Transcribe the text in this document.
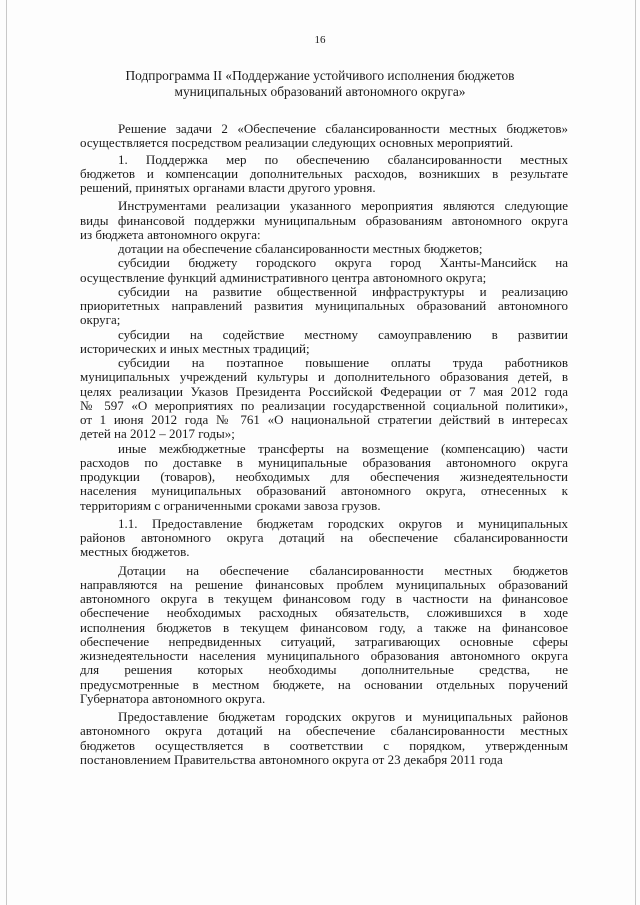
16
Подпрограмма II «Поддержание устойчивого исполнения бюджетов
муниципальных образований автономного округа»
Решение задачи 2 «Обеспечение сбалансированности местных бюджетов»
осуществляется посредством реализации следующих основных мероприятий.
1. Поддержка мер по обеспечению сбалансированности местных
бюджетов и компенсации дополнительных расходов, возникших в результате
решений, принятых органами власти другого уровня.
Инструментами реализации указанного мероприятия являются следующие
виды финансовой поддержки муниципальным образованиям автономного округа
из бюджета автономного округа:
дотации на обеспечение сбалансированности местных бюджетов;
субсидии бюджету городского округа город Ханты-Мансийск на
осуществление функций административного центра автономного округа;
субсидии на развитие общественной инфраструктуры и реализацию
приоритетных направлений развития муниципальных образований автономного
округа;
субсидии на содействие местному самоуправлению в развитии
исторических и иных местных традиций;
субсидии на поэтапное повышение оплаты труда работников
муниципальных учреждений культуры и дополнительного образования детей, в
целях реализации Указов Президента Российской Федерации от 7 мая 2012 года
№ 597 «О мероприятиях по реализации государственной социальной политики»,
от 1 июня 2012 года № 761 «О национальной стратегии действий в интересах
детей на 2012 – 2017 годы»;
иные межбюджетные трансферты на возмещение (компенсацию) части
расходов по доставке в муниципальные образования автономного округа
продукции (товаров), необходимых для обеспечения жизнедеятельности
населения муниципальных образований автономного округа, отнесенных к
территориям с ограниченными сроками завоза грузов.
1.1. Предоставление бюджетам городских округов и муниципальных
районов автономного округа дотаций на обеспечение сбалансированности
местных бюджетов.
Дотации на обеспечение сбалансированности местных бюджетов
направляются на решение финансовых проблем муниципальных образований
автономного округа в текущем финансовом году в частности на финансовое
обеспечение необходимых расходных обязательств, сложившихся в ходе
исполнения бюджетов в текущем финансовом году, а также на финансовое
обеспечение непредвиденных ситуаций, затрагивающих основные сферы
жизнедеятельности населения муниципального образования автономного округа
для решения которых необходимы дополнительные средства, не
предусмотренные в местном бюджете, на основании отдельных поручений
Губернатора автономного округа.
Предоставление бюджетам городских округов и муниципальных районов
автономного округа дотаций на обеспечение сбалансированности местных
бюджетов осуществляется в соответствии с порядком, утвержденным
постановлением Правительства автономного округа от 23 декабря 2011 года
